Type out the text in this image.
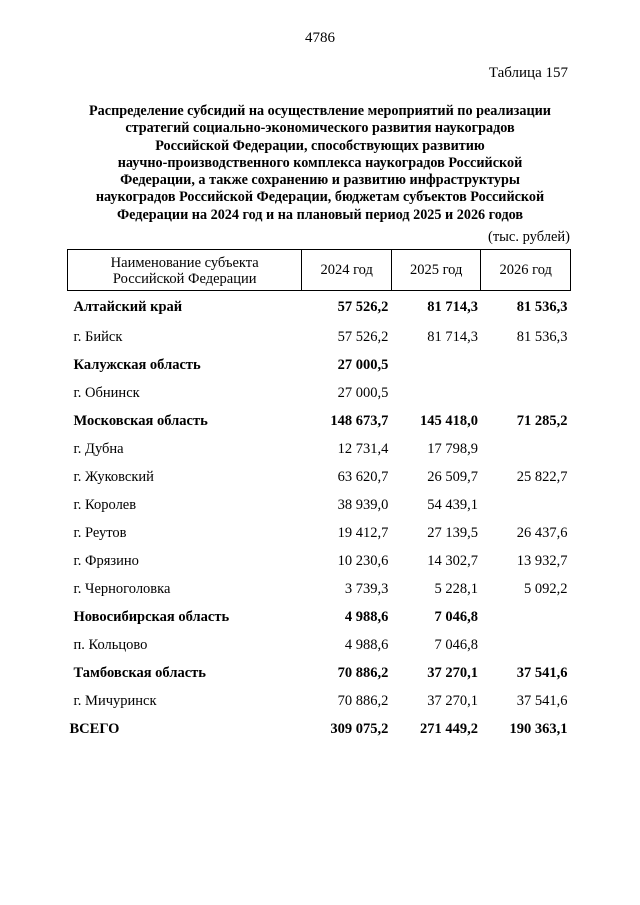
4786
Таблица 157
Распределение субсидий на осуществление мероприятий по реализации
стратегий социально-экономического развития наукоградов
Российской Федерации, способствующих развитию
научно-производственного комплекса наукоградов Российской
Федерации, а также сохранению и развитию инфраструктуры
наукоградов Российской Федерации, бюджетам субъектов Российской
Федерации на 2024 год и на плановый период 2025 и 2026 годов
(тыс. рублей)
Наименование субъекта
Российской Федерации	2024 год	2025 год	2026 год
Алтайский край	57 526,2	81 714,3	81 536,3
г. Бийск	57 526,2	81 714,3	81 536,3
Калужская область	27 000,5		
г. Обнинск	27 000,5		
Московская область	148 673,7	145 418,0	71 285,2
г. Дубна	12 731,4	17 798,9	
г. Жуковский	63 620,7	26 509,7	25 822,7
г. Королев	38 939,0	54 439,1	
г. Реутов	19 412,7	27 139,5	26 437,6
г. Фрязино	10 230,6	14 302,7	13 932,7
г. Черноголовка	3 739,3	5 228,1	5 092,2
Новосибирская область	4 988,6	7 046,8	
п. Кольцово	4 988,6	7 046,8	
Тамбовская область	70 886,2	37 270,1	37 541,6
г. Мичуринск	70 886,2	37 270,1	37 541,6
ВСЕГО	309 075,2	271 449,2	190 363,1
